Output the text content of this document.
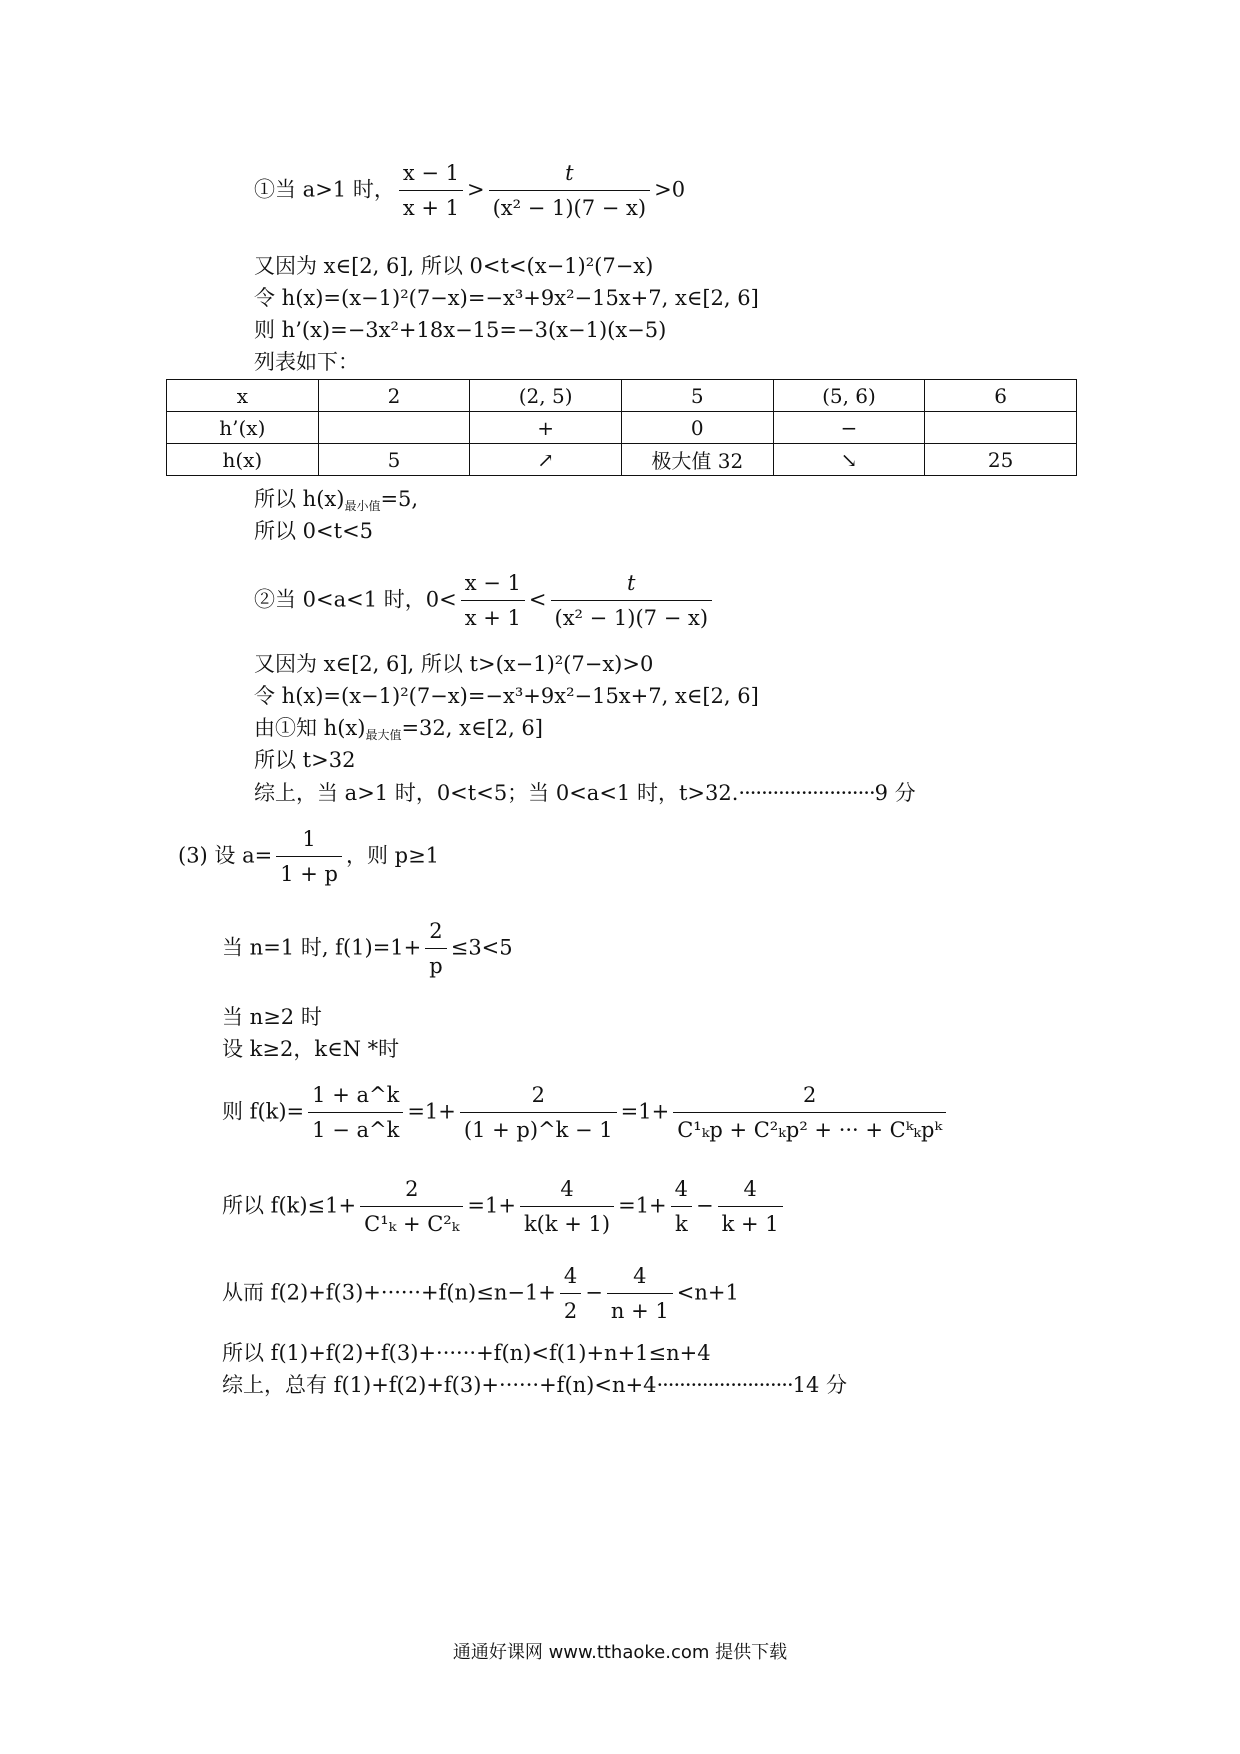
①当 a>1 时， $\frac{x - 1}{x + 1} > \frac{t}{\text{(x² − 1)(7 − x)}} >0$
又因为 x∈[2, 6], 所以 0<t<(x−1)²(7−x)
令 h(x)=(x−1)²(7−x)=−x³+9x²−15x+7, x∈[2, 6]
则 h’(x)=−3x²+18x−15=−3(x−1)(x−5)
列表如下：
x	2	(2, 5)	5	(5, 6)	6
h’(x)		+	0	−	
h(x)	5	↗	极大值 32	↘	25
所以 h(x)最小值=5,
所以 0<t<5
②当 0<a<1 时，$0< \frac{x - 1}{x + 1} < \frac{t}{\text{(x² − 1)(7 − x)}}$
又因为 x∈[2, 6], 所以 t>(x−1)²(7−x)>0
令 h(x)=(x−1)²(7−x)=−x³+9x²−15x+7, x∈[2, 6]
由①知 h(x)最大值=32, x∈[2, 6]
所以 t>32
综上，当 a>1 时，0<t<5；当 0<a<1 时，t>32.························9 分
(3) 设 $a= \frac{1}{1 + p}$ ，则 p≥1
当 n=1 时, $f(1)=1+ \frac{2}{p} \le 3<5$
当 n≥2 时
设 k≥2，k∈N *时
则 $f(k)= \frac{1 + a\^{}k}{1 - a\^{}k} =1+ \frac{2}{(1 + p)\^{}k - 1} =1+ \frac{2}{\text{C¹ₖp + C²ₖp² + ··· + Cᵏₖpᵏ}}$
所以 $f(k)\le 1+ \frac{2}{\text{C¹ₖ + C²ₖ}} =1+ \frac{4}{k(k + 1)} =1+ \frac{4}{k} - \frac{4}{k + 1}$
从而 $f(2)+f(3)+\cdot\cdot\cdot\cdot\cdot\cdot+f(n)\le n-1+ \frac{4}{2} - \frac{4}{n + 1} <n+1$
所以 f(1)+f(2)+f(3)+······+f(n)<f(1)+n+1≤n+4
综上，总有 f(1)+f(2)+f(3)+······+f(n)<n+4························14 分
通通好课网 www.tthaoke.com 提供下载
